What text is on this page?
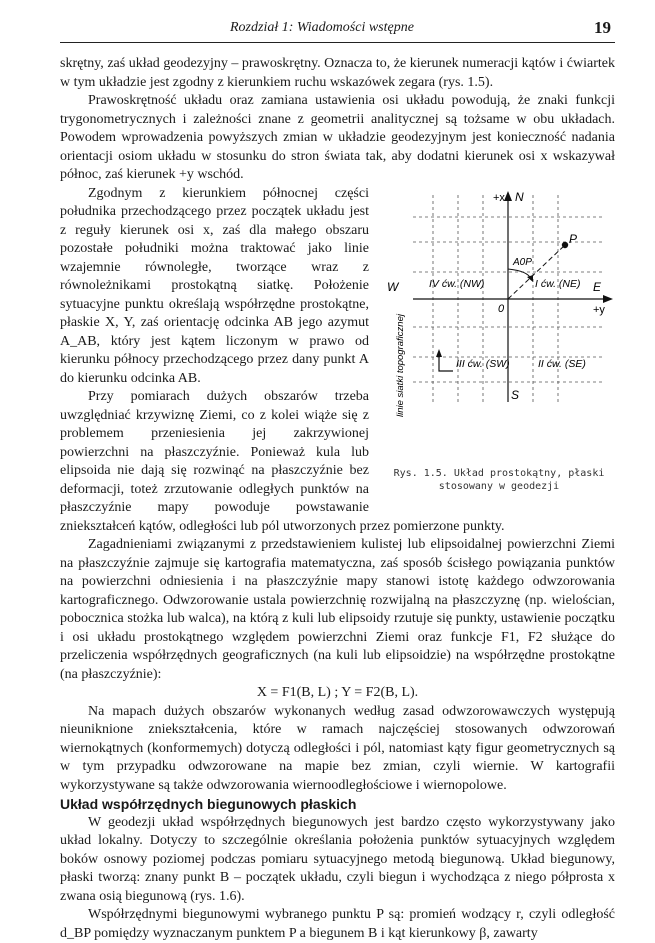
Rozdział 1: Wiadomości wstępne	19

skrętny, zaś układ geodezyjny – prawoskrętny. Oznacza to, że kierunek numeracji kątów i ćwiartek w tym układzie jest zgodny z kierunkiem ruchu wskazówek zegara (rys. 1.5).

Prawoskrętność układu oraz zamiana ustawienia osi układu powodują, że znaki funkcji trygonometrycznych i zależności znane z geometrii analitycznej są tożsame w obu układach. Powodem wprowadzenia powyższych zmian w układzie geodezyjnym jest konieczność nadania orientacji osiom układu w stosunku do stron świata tak, aby dodatni kierunek osi x wskazywał północ, zaś kierunek +y wschód.

+x N
S
E
+y
W
0
P
A0P
I ćw. (NE)
II ćw. (SE)
III ćw. (SW)
IV ćw. (NW)
linie siatki topograficznej
Rys. 1.5. Układ prostokątny, płaski
stosowany w geodezji

Zgodnym z kierunkiem północnej części południka przechodzącego przez początek układu jest z reguły kierunek osi x, zaś dla małego obszaru pozostałe południki można traktować jako linie wzajemnie równoległe, tworzące wraz z równoleżnikami prostokątną siatkę. Położenie sytuacyjne punktu określają współrzędne prostokątne, płaskie X, Y, zaś orientację odcinka AB jego azymut A_AB, który jest kątem liczonym w prawo od kierunku północy przechodzącego przez dany punkt A do kierunku odcinka AB.

Przy pomiarach dużych obszarów trzeba uwzględniać krzywiznę Ziemi, co z kolei wiąże się z problemem przeniesienia jej zakrzywionej powierzchni na płaszczyźnie. Ponieważ kula lub elipsoida nie dają się rozwinąć na płaszczyźnie bez deformacji, toteż zrzutowanie odległych punktów na płaszczyźnie mapy powoduje powstawanie zniekształceń kątów, odległości lub pól utworzonych przez pomierzone punkty.

Zagadnieniami związanymi z przedstawieniem kulistej lub elipsoidalnej powierzchni Ziemi na płaszczyźnie zajmuje się kartografia matematyczna, zaś sposób ścisłego powiązania punktów na powierzchni odniesienia i na płaszczyźnie mapy stanowi istotę każdego odwzorowania kartograficznego. Odwzorowanie ustala powierzchnię rozwijalną na płaszczyznę (np. wielościan, pobocznica stożka lub walca), na którą z kuli lub elipsoidy rzutuje się punkty, ustawienie początku i osi układu prostokątnego względem powierzchni Ziemi oraz funkcje F1, F2 służące do przeliczenia współrzędnych geograficznych (na kuli lub elipsoidzie) na współrzędne prostokątne (na płaszczyźnie):

X = F1(B, L) ; Y = F2(B, L).

Na mapach dużych obszarów wykonanych według zasad odwzorowawczych występują nieuniknione zniekształcenia, które w ramach najczęściej stosowanych odwzorowań wiernokątnych (konformemych) dotyczą odległości i pól, natomiast kąty figur geometrycznych są w tym przypadku odwzorowane na mapie bez zmian, czyli wiernie. W kartografii wykorzystywane są także odwzorowania wiernoodległościowe i wiernopolowe.

Układ współrzędnych biegunowych płaskich

W geodezji układ współrzędnych biegunowych jest bardzo często wykorzystywany jako układ lokalny. Dotyczy to szczególnie określania położenia punktów sytuacyjnych względem boków osnowy poziomej podczas pomiaru sytuacyjnego metodą biegunową. Układ biegunowy, płaski tworzą: znany punkt B – początek układu, czyli biegun i wychodząca z niego półprosta x zwana osią biegunową (rys. 1.6).

Współrzędnymi biegunowymi wybranego punktu P są: promień wodzący r, czyli odległość d_BP pomiędzy wyznaczanym punktem P a biegunem B i kąt kierunkowy β, zawarty
